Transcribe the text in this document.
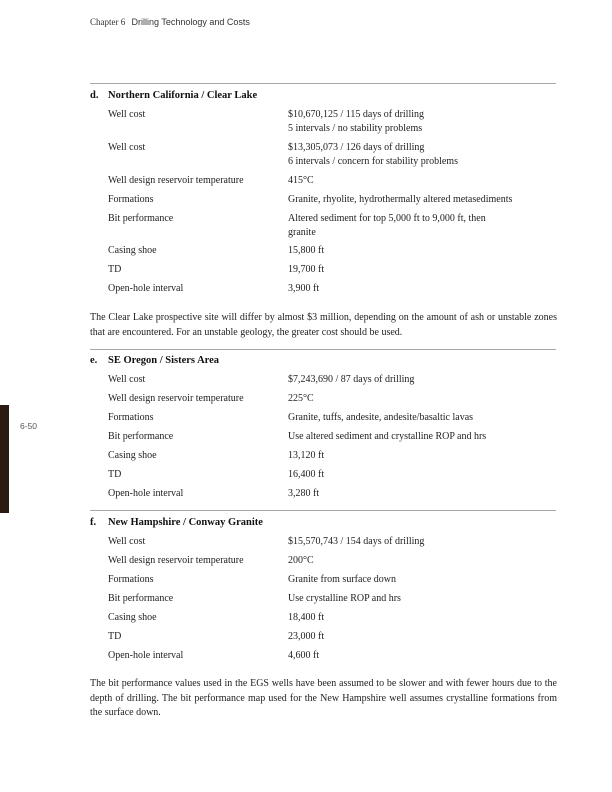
Chapter 6 Drilling Technology and Costs
6-50
d. Northern California / Clear Lake
Well cost	$10,670,125 / 115 days of drilling
5 intervals / no stability problems
Well cost	$13,305,073 / 126 days of drilling
6 intervals / concern for stability problems
Well design reservoir temperature	415°C
Formations	Granite, rhyolite, hydrothermally altered metasediments
Bit performance	Altered sediment for top 5,000 ft to 9,000 ft, then
granite
Casing shoe	15,800 ft
TD	19,700 ft
Open-hole interval	3,900 ft
The Clear Lake prospective site will differ by almost $3 million, depending on the amount of ash or unstable zones that are encountered. For an unstable geology, the greater cost should be used.
e. SE Oregon / Sisters Area
Well cost	$7,243,690 / 87 days of drilling
Well design reservoir temperature	225°C
Formations	Granite, tuffs, andesite, andesite/basaltic lavas
Bit performance	Use altered sediment and crystalline ROP and hrs
Casing shoe	13,120 ft
TD	16,400 ft
Open-hole interval	3,280 ft
f. New Hampshire / Conway Granite
Well cost	$15,570,743 / 154 days of drilling
Well design reservoir temperature	200°C
Formations	Granite from surface down
Bit performance	Use crystalline ROP and hrs
Casing shoe	18,400 ft
TD	23,000 ft
Open-hole interval	4,600 ft
The bit performance values used in the EGS wells have been assumed to be slower and with fewer hours due to the depth of drilling. The bit performance map used for the New Hampshire well assumes crystalline formations from the surface down.
